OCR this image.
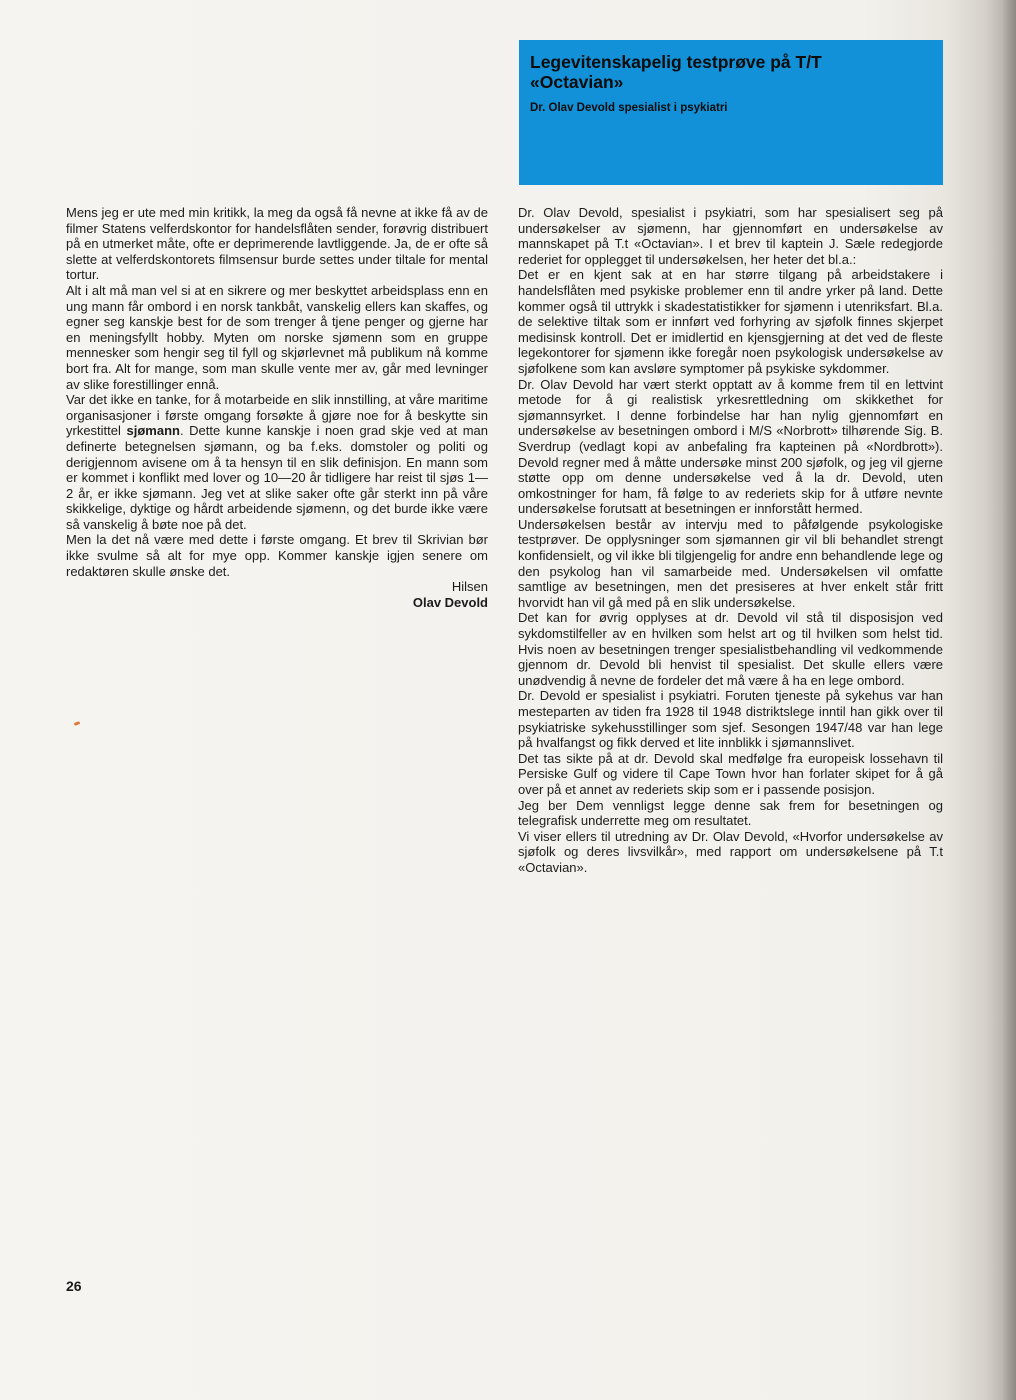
Legevitenskapelig testprøve på T/T «Octavian»
Dr. Olav Devold spesialist i psykiatri

Mens jeg er ute med min kritikk, la meg da også få nevne at ikke få av de filmer Statens velferdskontor for handelsflåten sender, forøvrig distribuert på en utmerket måte, ofte er deprimerende lavtliggende. Ja, de er ofte så slette at velferdskontorets filmsensur burde settes under tiltale for mental tortur.

Alt i alt må man vel si at en sikrere og mer beskyttet arbeidsplass enn en ung mann får ombord i en norsk tankbåt, vanskelig ellers kan skaffes, og egner seg kanskje best for de som trenger å tjene penger og gjerne har en meningsfyllt hobby. Myten om norske sjømenn som en gruppe mennesker som hengir seg til fyll og skjørlevnet må publikum nå komme bort fra. Alt for mange, som man skulle vente mer av, går med levninger av slike forestillinger ennå.

Var det ikke en tanke, for å motarbeide en slik innstilling, at våre maritime organisasjoner i første omgang forsøkte å gjøre noe for å beskytte sin yrkestittel sjømann. Dette kunne kanskje i noen grad skje ved at man definerte betegnelsen sjømann, og ba f.eks. domstoler og politi og derigjennom avisene om å ta hensyn til en slik definisjon. En mann som er kommet i konflikt med lover og 10—20 år tidligere har reist til sjøs 1—2 år, er ikke sjømann. Jeg vet at slike saker ofte går sterkt inn på våre skikkelige, dyktige og hårdt arbeidende sjømenn, og det burde ikke være så vanskelig å bøte noe på det.

Men la det nå være med dette i første omgang. Et brev til Skrivian bør ikke svulme så alt for mye opp. Kommer kanskje igjen senere om redaktøren skulle ønske det.

Hilsen

Olav Devold

Dr. Olav Devold, spesialist i psykiatri, som har spesialisert seg på undersøkelser av sjømenn, har gjennomført en undersøkelse av mannskapet på T.t «Octavian». I et brev til kaptein J. Sæle redegjorde rederiet for opplegget til undersøkelsen, her heter det bl.a.:

Det er en kjent sak at en har større tilgang på arbeidstakere i handelsflåten med psykiske problemer enn til andre yrker på land. Dette kommer også til uttrykk i skadestatistikker for sjømenn i utenriksfart. Bl.a. de selektive tiltak som er innført ved forhyring av sjøfolk finnes skjerpet medisinsk kontroll. Det er imidlertid en kjensgjerning at det ved de fleste legekontorer for sjømenn ikke foregår noen psykologisk undersøkelse av sjøfolkene som kan avsløre symptomer på psykiske sykdommer.

Dr. Olav Devold har vært sterkt opptatt av å komme frem til en lettvint metode for å gi realistisk yrkesrettledning om skikkethet for sjømannsyrket. I denne forbindelse har han nylig gjennomført en undersøkelse av besetningen ombord i M/S «Norbrott» tilhørende Sig. B. Sverdrup (vedlagt kopi av anbefaling fra kapteinen på «Nordbrott»). Devold regner med å måtte undersøke minst 200 sjøfolk, og jeg vil gjerne støtte opp om denne undersøkelse ved å la dr. Devold, uten omkostninger for ham, få følge to av rederiets skip for å utføre nevnte undersøkelse forutsatt at besetningen er innforstått hermed.

Undersøkelsen består av intervju med to påfølgende psykologiske testprøver. De opplysninger som sjømannen gir vil bli behandlet strengt konfidensielt, og vil ikke bli tilgjengelig for andre enn behandlende lege og den psykolog han vil samarbeide med. Undersøkelsen vil omfatte samtlige av besetningen, men det presiseres at hver enkelt står fritt hvorvidt han vil gå med på en slik undersøkelse.

Det kan for øvrig opplyses at dr. Devold vil stå til disposisjon ved sykdomstilfeller av en hvilken som helst art og til hvilken som helst tid. Hvis noen av besetningen trenger spesialistbehandling vil vedkommende gjennom dr. Devold bli henvist til spesialist. Det skulle ellers være unødvendig å nevne de fordeler det må være å ha en lege ombord.

Dr. Devold er spesialist i psykiatri. Foruten tjeneste på sykehus var han mesteparten av tiden fra 1928 til 1948 distriktslege inntil han gikk over til psykiatriske sykehusstillinger som sjef. Sesongen 1947/48 var han lege på hvalfangst og fikk derved et lite innblikk i sjømannslivet.

Det tas sikte på at dr. Devold skal medfølge fra europeisk lossehavn til Persiske Gulf og videre til Cape Town hvor han forlater skipet for å gå over på et annet av rederiets skip som er i passende posisjon.

Jeg ber Dem vennligst legge denne sak frem for besetningen og telegrafisk underrette meg om resultatet.

Vi viser ellers til utredning av Dr. Olav Devold, «Hvorfor undersøkelse av sjøfolk og deres livsvilkår», med rapport om undersøkelsene på T.t «Octavian».

26
